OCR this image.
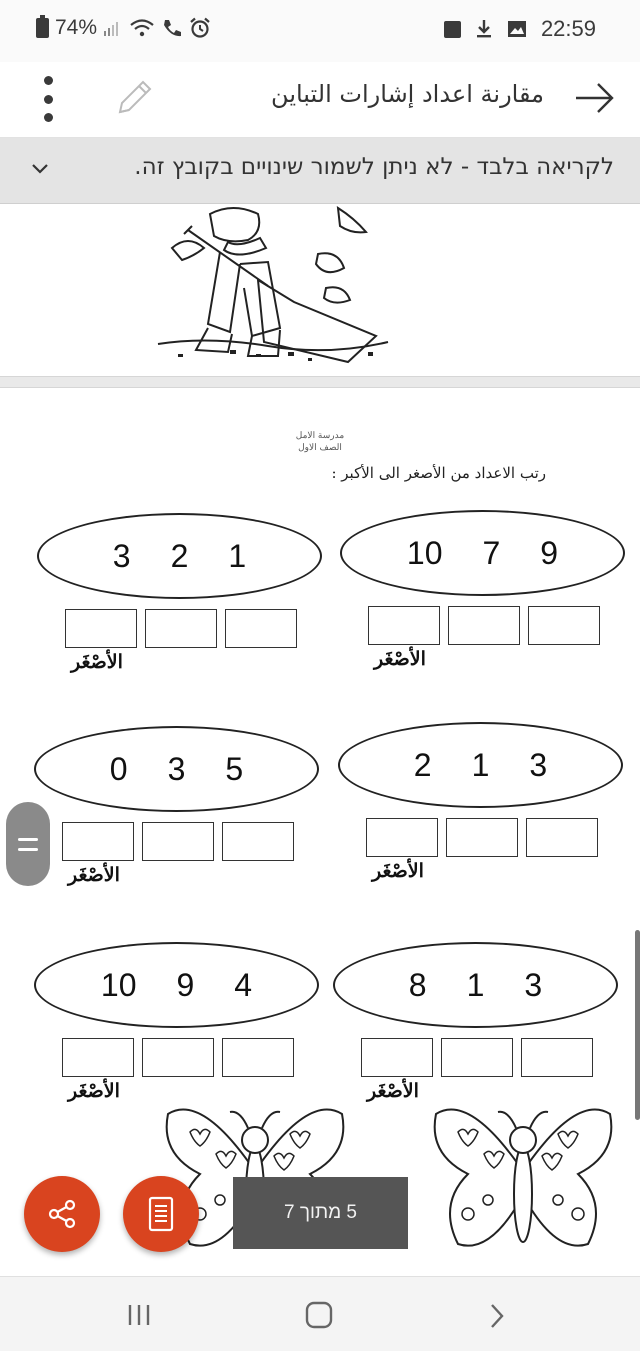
74%	22:59
مقارنة اعداد إشارات التباين
לקריאה בלבד - לא ניתן לשמור שינויים בקובץ זה.
مدرسة الامل
الصف الاول
رتب الاعداد من الأصغر الى الأكبر :
3 2 1
الأصْغَر
10 7 9
الأصْغَر
0 3 5
الأصْغَر
2 1 3
الأصْغَر
10 9 4
الأصْغَر
8 1 3
الأصْغَر
5 מתוך 7
